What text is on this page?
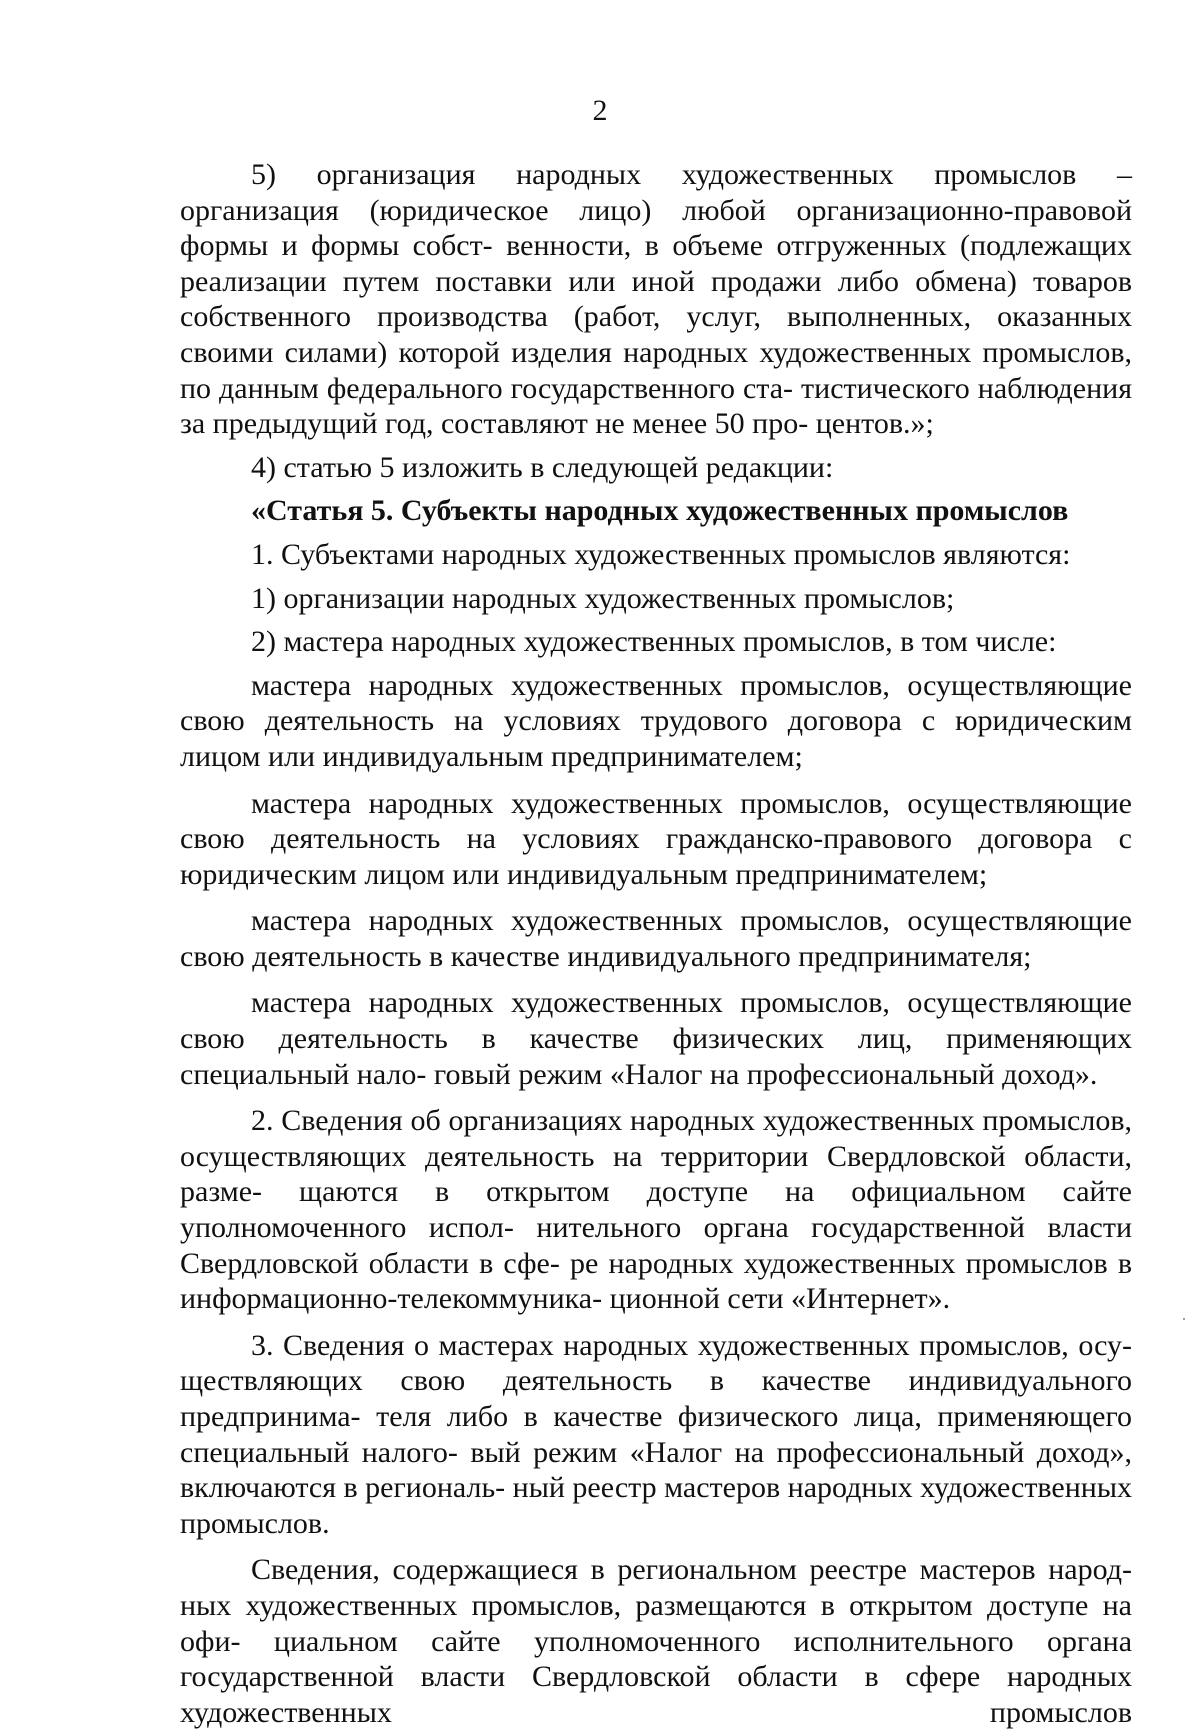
2

5) организация народных художественных промыслов – организация (юридическое лицо) любой организационно-правовой формы и формы собст- венности, в объеме отгруженных (подлежащих реализации путем поставки или иной продажи либо обмена) товаров собственного производства (работ, услуг, выполненных, оказанных своими силами) которой изделия народных художественных промыслов, по данным федерального государственного ста- тистического наблюдения за предыдущий год, составляют не менее 50 про- центов.»;

4) статью 5 изложить в следующей редакции:

«Статья 5. Субъекты народных художественных промыслов

1. Субъектами народных художественных промыслов являются:

1) организации народных художественных промыслов;

2) мастера народных художественных промыслов, в том числе:

мастера народных художественных промыслов, осуществляющие свою деятельность на условиях трудового договора с юридическим лицом или индивидуальным предпринимателем;

мастера народных художественных промыслов, осуществляющие свою деятельность на условиях гражданско-правового договора с юридическим лицом или индивидуальным предпринимателем;

мастера народных художественных промыслов, осуществляющие свою деятельность в качестве индивидуального предпринимателя;

мастера народных художественных промыслов, осуществляющие свою деятельность в качестве физических лиц, применяющих специальный нало- говый режим «Налог на профессиональный доход».

2. Сведения об организациях народных художественных промыслов, осуществляющих деятельность на территории Свердловской области, разме- щаются в открытом доступе на официальном сайте уполномоченного испол- нительного органа государственной власти Свердловской области в сфе- ре народных художественных промыслов в информационно-телекоммуника- ционной сети «Интернет».

3. Сведения о мастерах народных художественных промыслов, осу- ществляющих свою деятельность в качестве индивидуального предпринима- теля либо в качестве физического лица, применяющего специальный налого- вый режим «Налог на профессиональный доход», включаются в региональ- ный реестр мастеров народных художественных промыслов.

Сведения, содержащиеся в региональном реестре мастеров народ- ных художественных промыслов, размещаются в открытом доступе на офи- циальном сайте уполномоченного исполнительного органа государственной власти Свердловской области в сфере народных художественных промыслов
